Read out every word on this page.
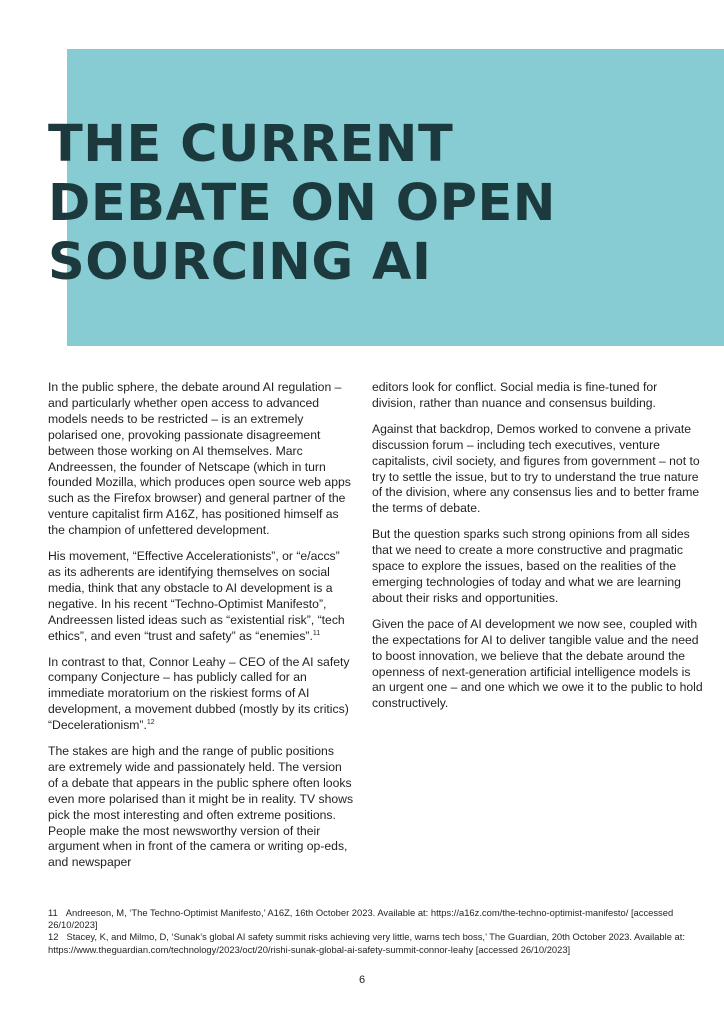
THE CURRENT
DEBATE ON OPEN
SOURCING AI

In the public sphere, the debate around AI regulation – and particularly whether open access to advanced models needs to be restricted – is an extremely polarised one, provoking passionate disagreement between those working on AI themselves. Marc Andreessen, the founder of Netscape (which in turn founded Mozilla, which produces open source web apps such as the Firefox browser) and general partner of the venture capitalist firm A16Z, has positioned himself as the champion of unfettered development.

His movement, “Effective Accelerationists”, or “e/accs” as its adherents are identifying themselves on social media, think that any obstacle to AI development is a negative. In his recent “Techno-Optimist Manifesto”, Andreessen listed ideas such as “existential risk”, “tech ethics”, and even “trust and safety” as “enemies”.$^{11}$

In contrast to that, Connor Leahy – CEO of the AI safety company Conjecture – has publicly called for an immediate moratorium on the riskiest forms of AI development, a movement dubbed (mostly by its critics) “Decelerationism”.$^{12}$

The stakes are high and the range of public positions are extremely wide and passionately held. The version of a debate that appears in the public sphere often looks even more polarised than it might be in reality. TV shows pick the most interesting and often extreme positions. People make the most newsworthy version of their argument when in front of the camera or writing op-eds, and newspaper

editors look for conflict. Social media is fine-tuned for division, rather than nuance and consensus building.

Against that backdrop, Demos worked to convene a private discussion forum – including tech executives, venture capitalists, civil society, and figures from government – not to try to settle the issue, but to try to understand the true nature of the division, where any consensus lies and to better frame the terms of debate.

But the question sparks such strong opinions from all sides that we need to create a more constructive and pragmatic space to explore the issues, based on the realities of the emerging technologies of today and what we are learning about their risks and opportunities.

Given the pace of AI development we now see, coupled with the expectations for AI to deliver tangible value and the need to boost innovation, we believe that the debate around the openness of next-generation artificial intelligence models is an urgent one – and one which we owe it to the public to hold constructively.

11 Andreeson, M, ‘The Techno-Optimist Manifesto,’ A16Z, 16th October 2023. Available at: https://a16z.com/the-techno-optimist-manifesto/ [accessed 26/10/2023]

12 Stacey, K, and Milmo, D, ‘Sunak’s global AI safety summit risks achieving very little, warns tech boss,’ The Guardian, 20th October 2023. Available at: https://www.theguardian.com/technology/2023/oct/20/rishi-sunak-global-ai-safety-summit-connor-leahy [accessed 26/10/2023]

6
